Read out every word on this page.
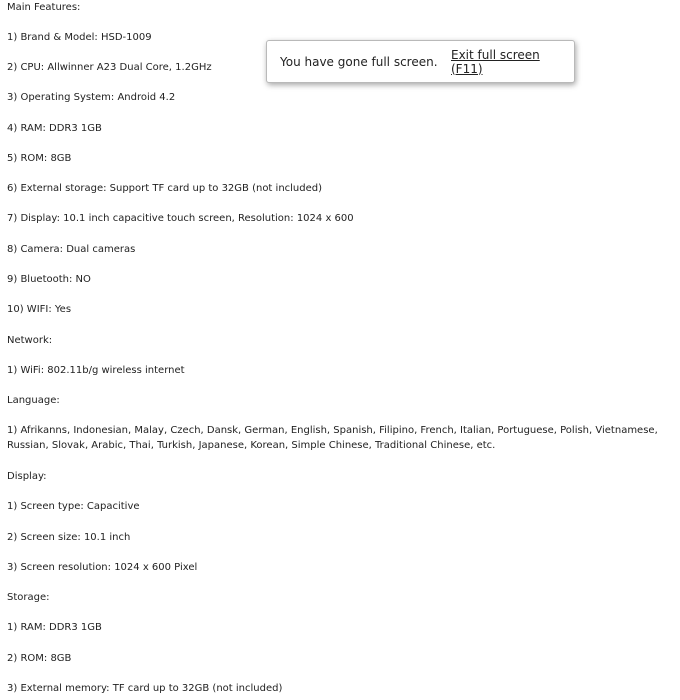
Main Features:

1) Brand & Model: HSD-1009

2) CPU: Allwinner A23 Dual Core, 1.2GHz

3) Operating System: Android 4.2

4) RAM: DDR3 1GB

5) ROM: 8GB

6) External storage: Support TF card up to 32GB (not included)

7) Display: 10.1 inch capacitive touch screen, Resolution: 1024 x 600

8) Camera: Dual cameras

9) Bluetooth: NO

10) WIFI: Yes

Network:

1) WiFi: 802.11b/g wireless internet

Language:

1) Afrikanns, Indonesian, Malay, Czech, Dansk, German, English, Spanish, Filipino, French, Italian, Portuguese, Polish, Vietnamese, Russian, Slovak, Arabic, Thai, Turkish, Japanese, Korean, Simple Chinese, Traditional Chinese, etc.

Display:

1) Screen type: Capacitive

2) Screen size: 10.1 inch

3) Screen resolution: 1024 x 600 Pixel

Storage:

1) RAM: DDR3 1GB

2) ROM: 8GB

3) External memory: TF card up to 32GB (not included)

You have gone full screen. Exit full screen (F11)
